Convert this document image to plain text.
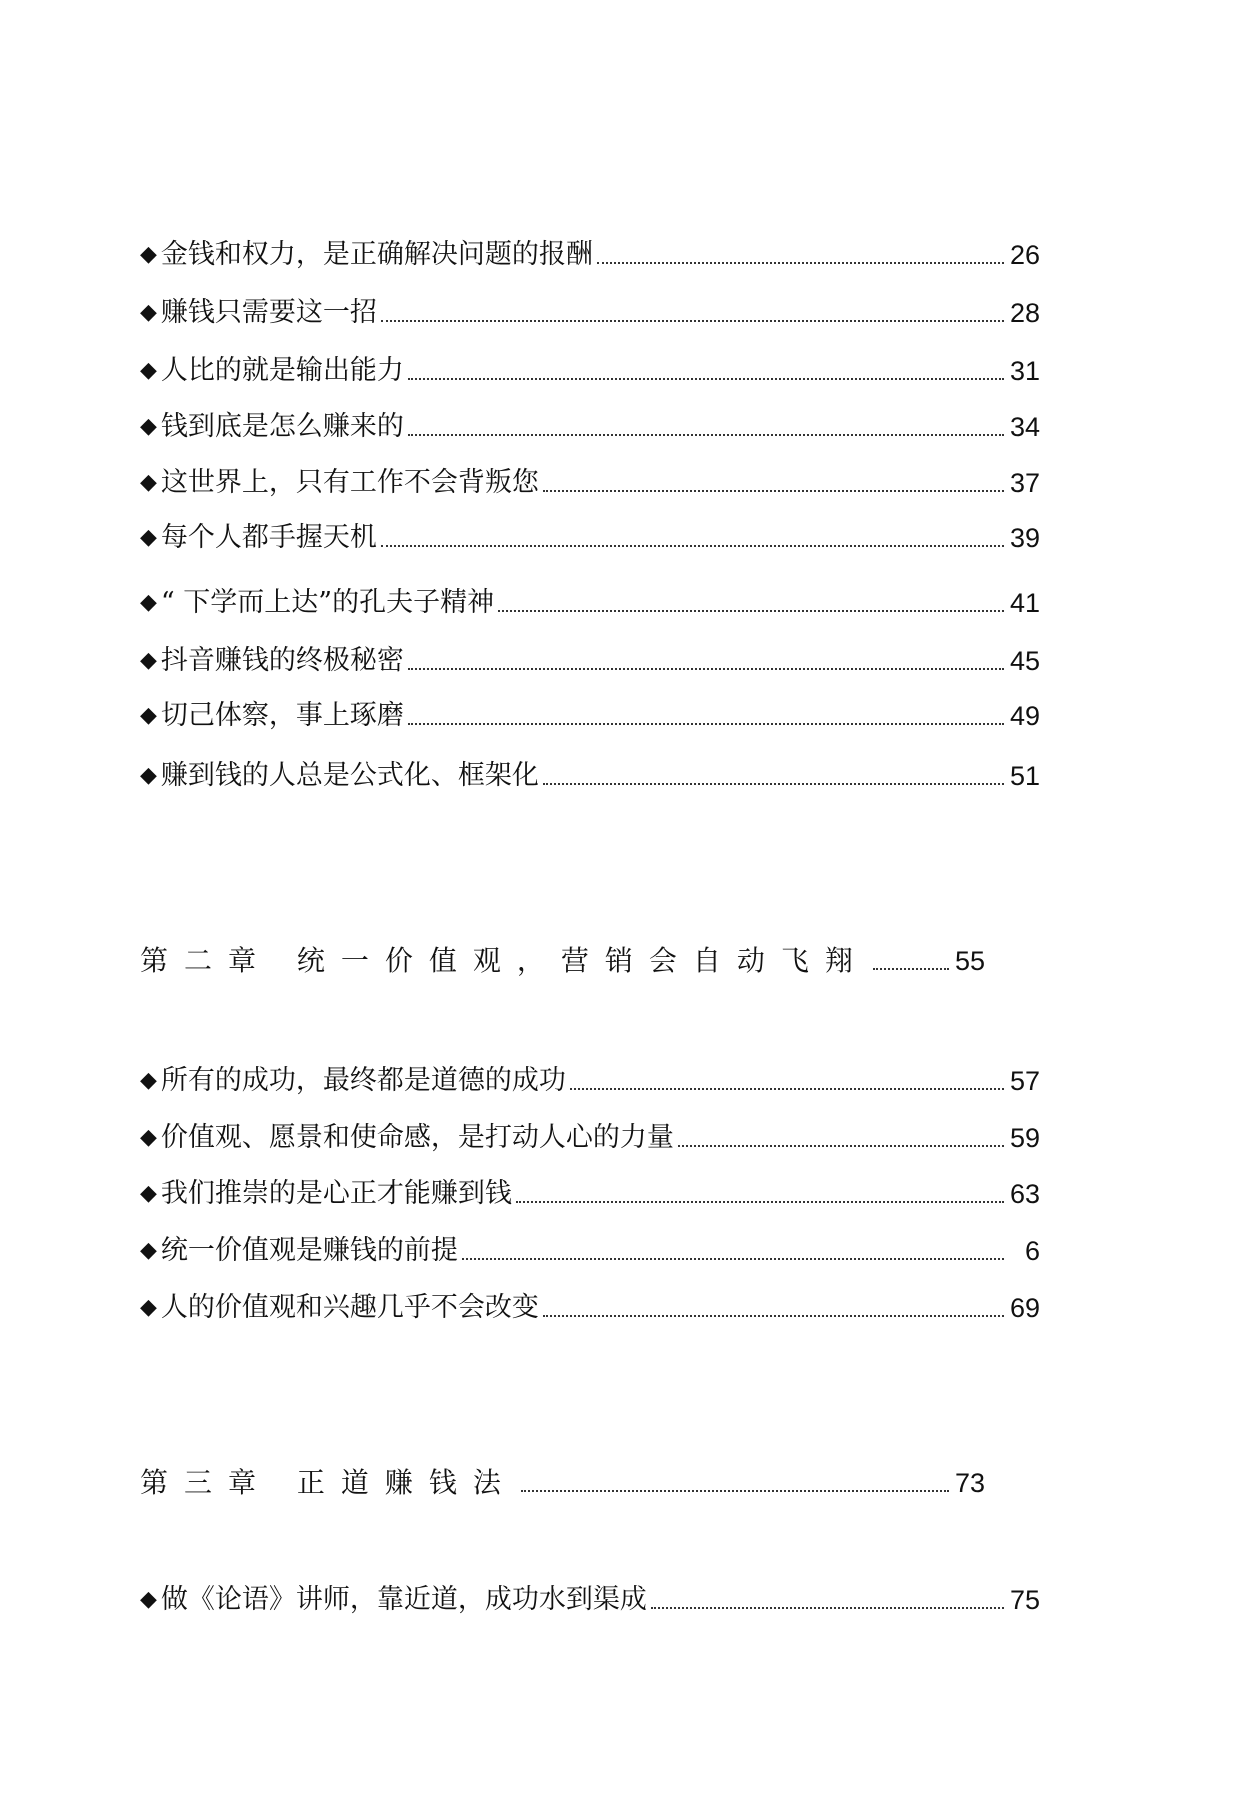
◆ 金钱和权力，是正确解决问题的报酬	26
◆ 赚钱只需要这一招	28
◆ 人比的就是输出能力	31
◆ 钱到底是怎么赚来的	34
◆ 这世界上，只有工作不会背叛您	37
◆ 每个人都手握天机	39
◆ “ 下学而上达”的孔夫子精神	41
◆ 抖音赚钱的终极秘密	45
◆ 切己体察，事上琢磨	49
◆ 赚到钱的人总是公式化、框架化	51
第二章 统一价值观，营销会自动飞翔	55
◆ 所有的成功，最终都是道德的成功	57
◆ 价值观、愿景和使命感，是打动人心的力量	59
◆ 我们推崇的是心正才能赚到钱	63
◆ 统一价值观是赚钱的前提	6
◆ 人的价值观和兴趣几乎不会改变	69
第三章 正道赚钱法	73
◆ 做《论语》讲师，靠近道，成功水到渠成	75
